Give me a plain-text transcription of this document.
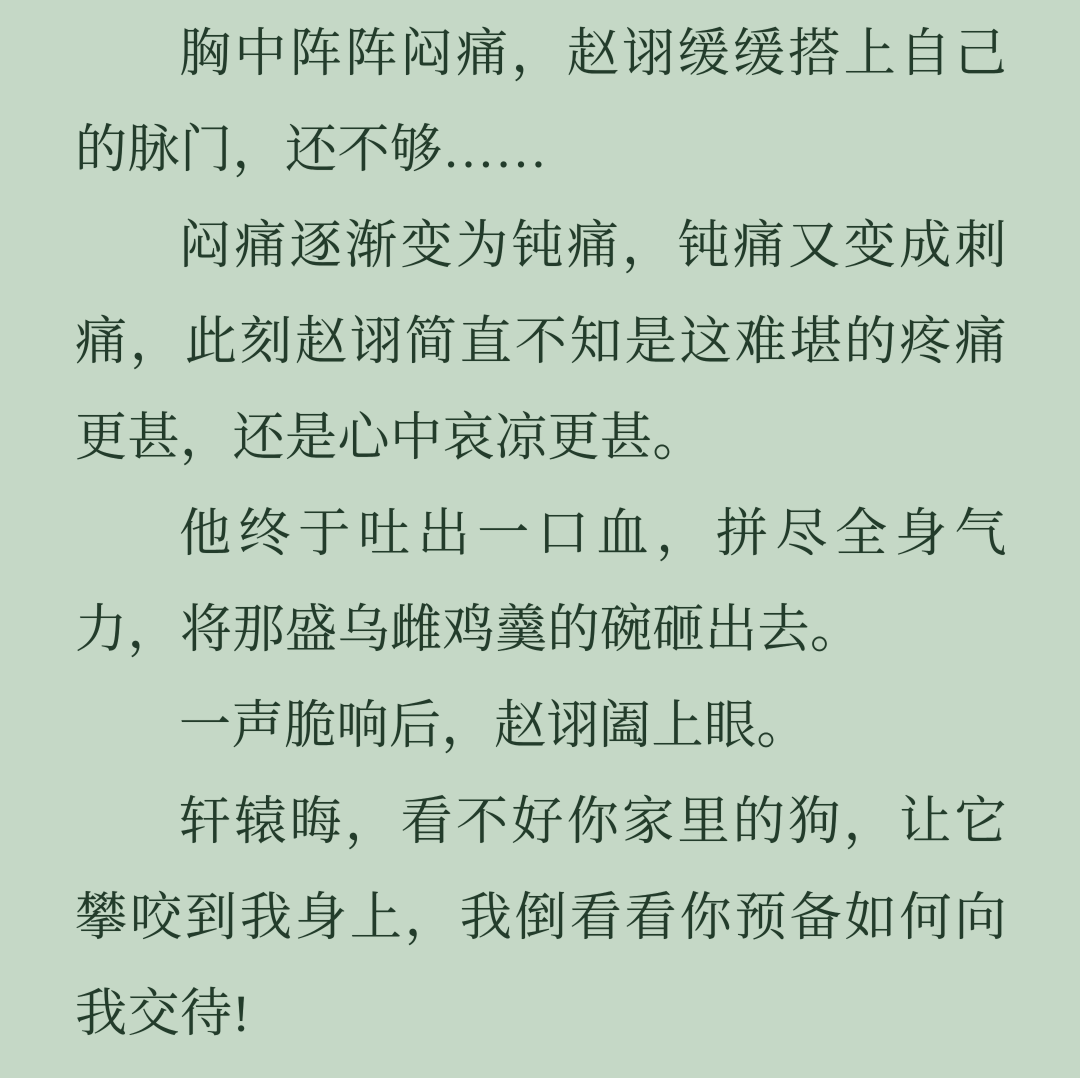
胸中阵阵闷痛，赵诩缓缓搭上自己的脉门，还不够……

闷痛逐渐变为钝痛，钝痛又变成刺痛，此刻赵诩简直不知是这难堪的疼痛更甚，还是心中哀凉更甚。

他终于吐出一口血，拼尽全身气力，将那盛乌雌鸡羹的碗砸出去。

一声脆响后，赵诩阖上眼。

轩辕晦，看不好你家里的狗，让它攀咬到我身上，我倒看看你预备如何向我交待!
